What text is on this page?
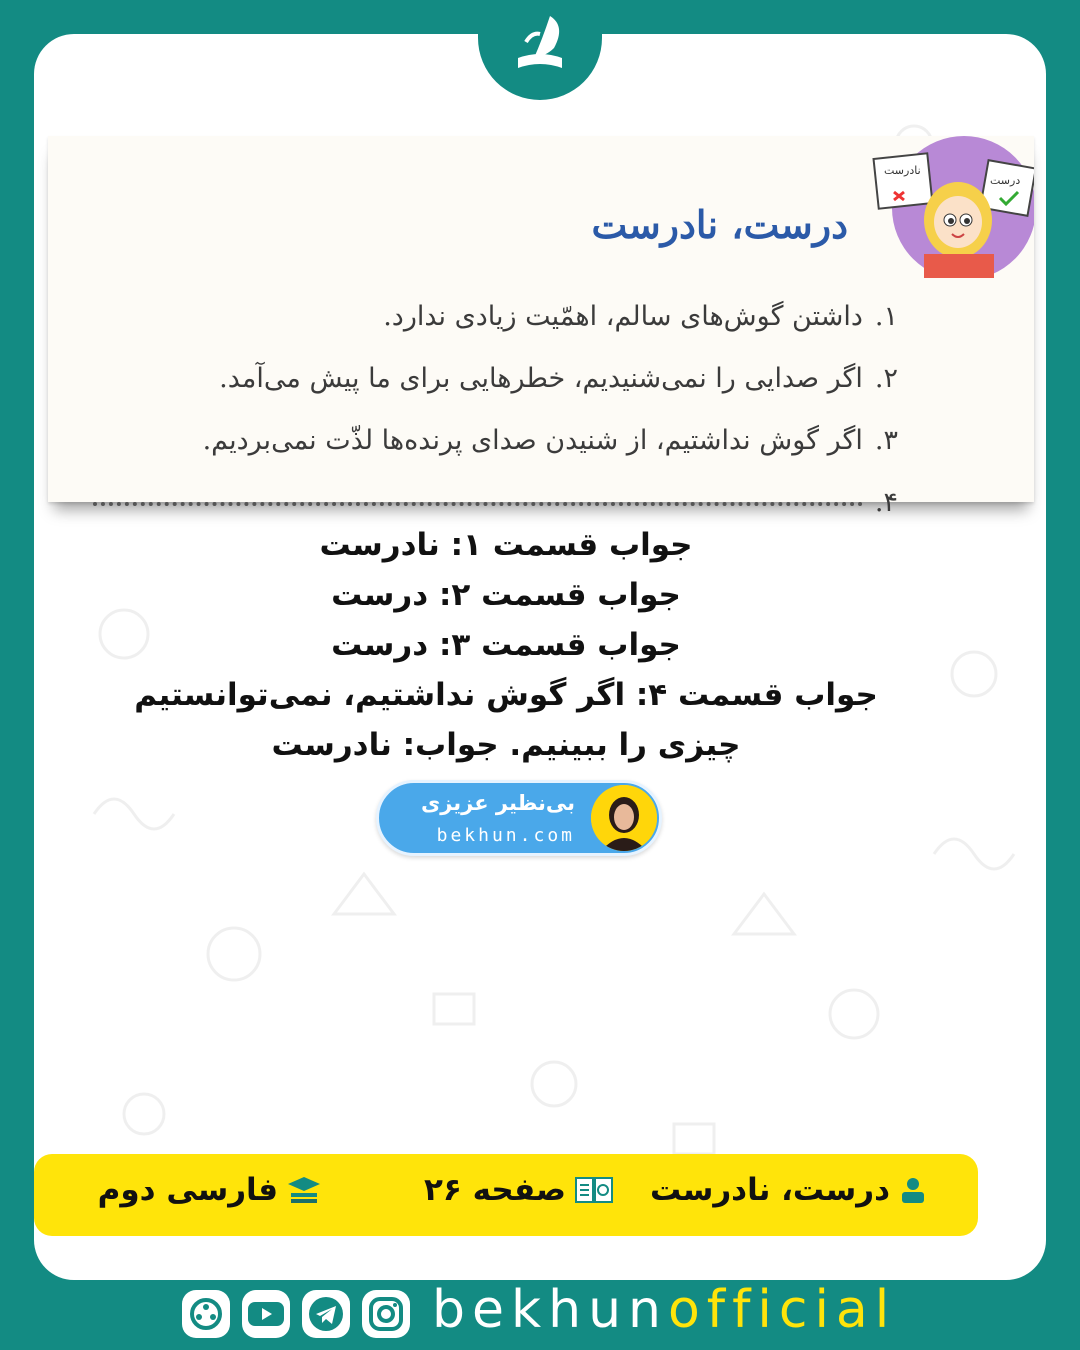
درست، نادرست
نادرست
درست
۱.داشتن گوش‌های سالم، اهمّیت زیادی ندارد.
۲.اگر صدایی را نمی‌شنیدیم، خطرهایی برای ما پیش می‌آمد.
۳.اگر گوش نداشتیم، از شنیدن صدای پرنده‌ها لذّت نمی‌بردیم.
۴.

جواب قسمت ۱: نادرست

جواب قسمت ۲: درست

جواب قسمت ۳: درست

جواب قسمت ۴: اگر گوش نداشتیم، نمی‌توانستیم چیزی را ببینیم. جواب: نادرست

بی‌نظیر عزیزی
bekhun.com
درست، نادرست
صفحه ۲۶
فارسی دوم
bekhunofficial
